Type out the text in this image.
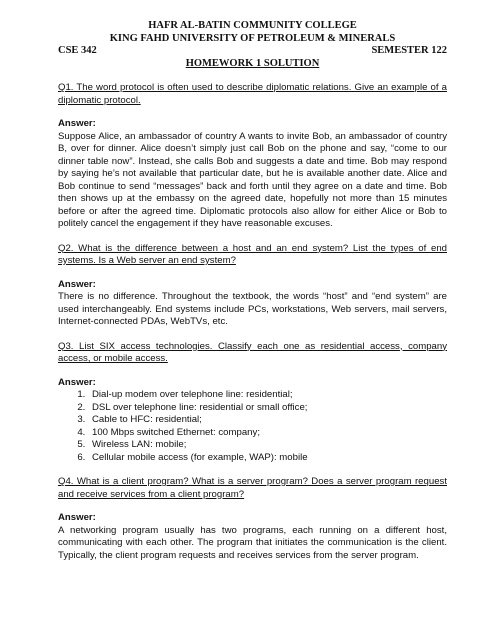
HAFR AL-BATIN COMMUNITY COLLEGE
KING FAHD UNIVERSITY OF PETROLEUM & MINERALS
CSE 342	SEMESTER 122
HOMEWORK 1 SOLUTION
Q1. The word protocol is often used to describe diplomatic relations. Give an example of a diplomatic protocol.
Answer:
Suppose Alice, an ambassador of country A wants to invite Bob, an ambassador of country B, over for dinner. Alice doesn’t simply just call Bob on the phone and say, “come to our dinner table now”. Instead, she calls Bob and suggests a date and time. Bob may respond by saying he’s not available that particular date, but he is available another date. Alice and Bob continue to send “messages” back and forth until they agree on a date and time. Bob then shows up at the embassy on the agreed date, hopefully not more than 15 minutes before or after the agreed time. Diplomatic protocols also allow for either Alice or Bob to politely cancel the engagement if they have reasonable excuses.
Q2. What is the difference between a host and an end system? List the types of end systems. Is a Web server an end system?
Answer:
There is no difference. Throughout the textbook, the words “host” and “end system” are used interchangeably. End systems include PCs, workstations, Web servers, mail servers, Internet-connected PDAs, WebTVs, etc.
Q3. List SIX access technologies. Classify each one as residential access, company access, or mobile access.
Answer:
1. Dial-up modem over telephone line: residential;
2. DSL over telephone line: residential or small office;
3. Cable to HFC: residential;
4. 100 Mbps switched Ethernet: company;
5. Wireless LAN: mobile;
6. Cellular mobile access (for example, WAP): mobile
Q4. What is a client program? What is a server program? Does a server program request and receive services from a client program?
Answer:
A networking program usually has two programs, each running on a different host, communicating with each other. The program that initiates the communication is the client. Typically, the client program requests and receives services from the server program.
